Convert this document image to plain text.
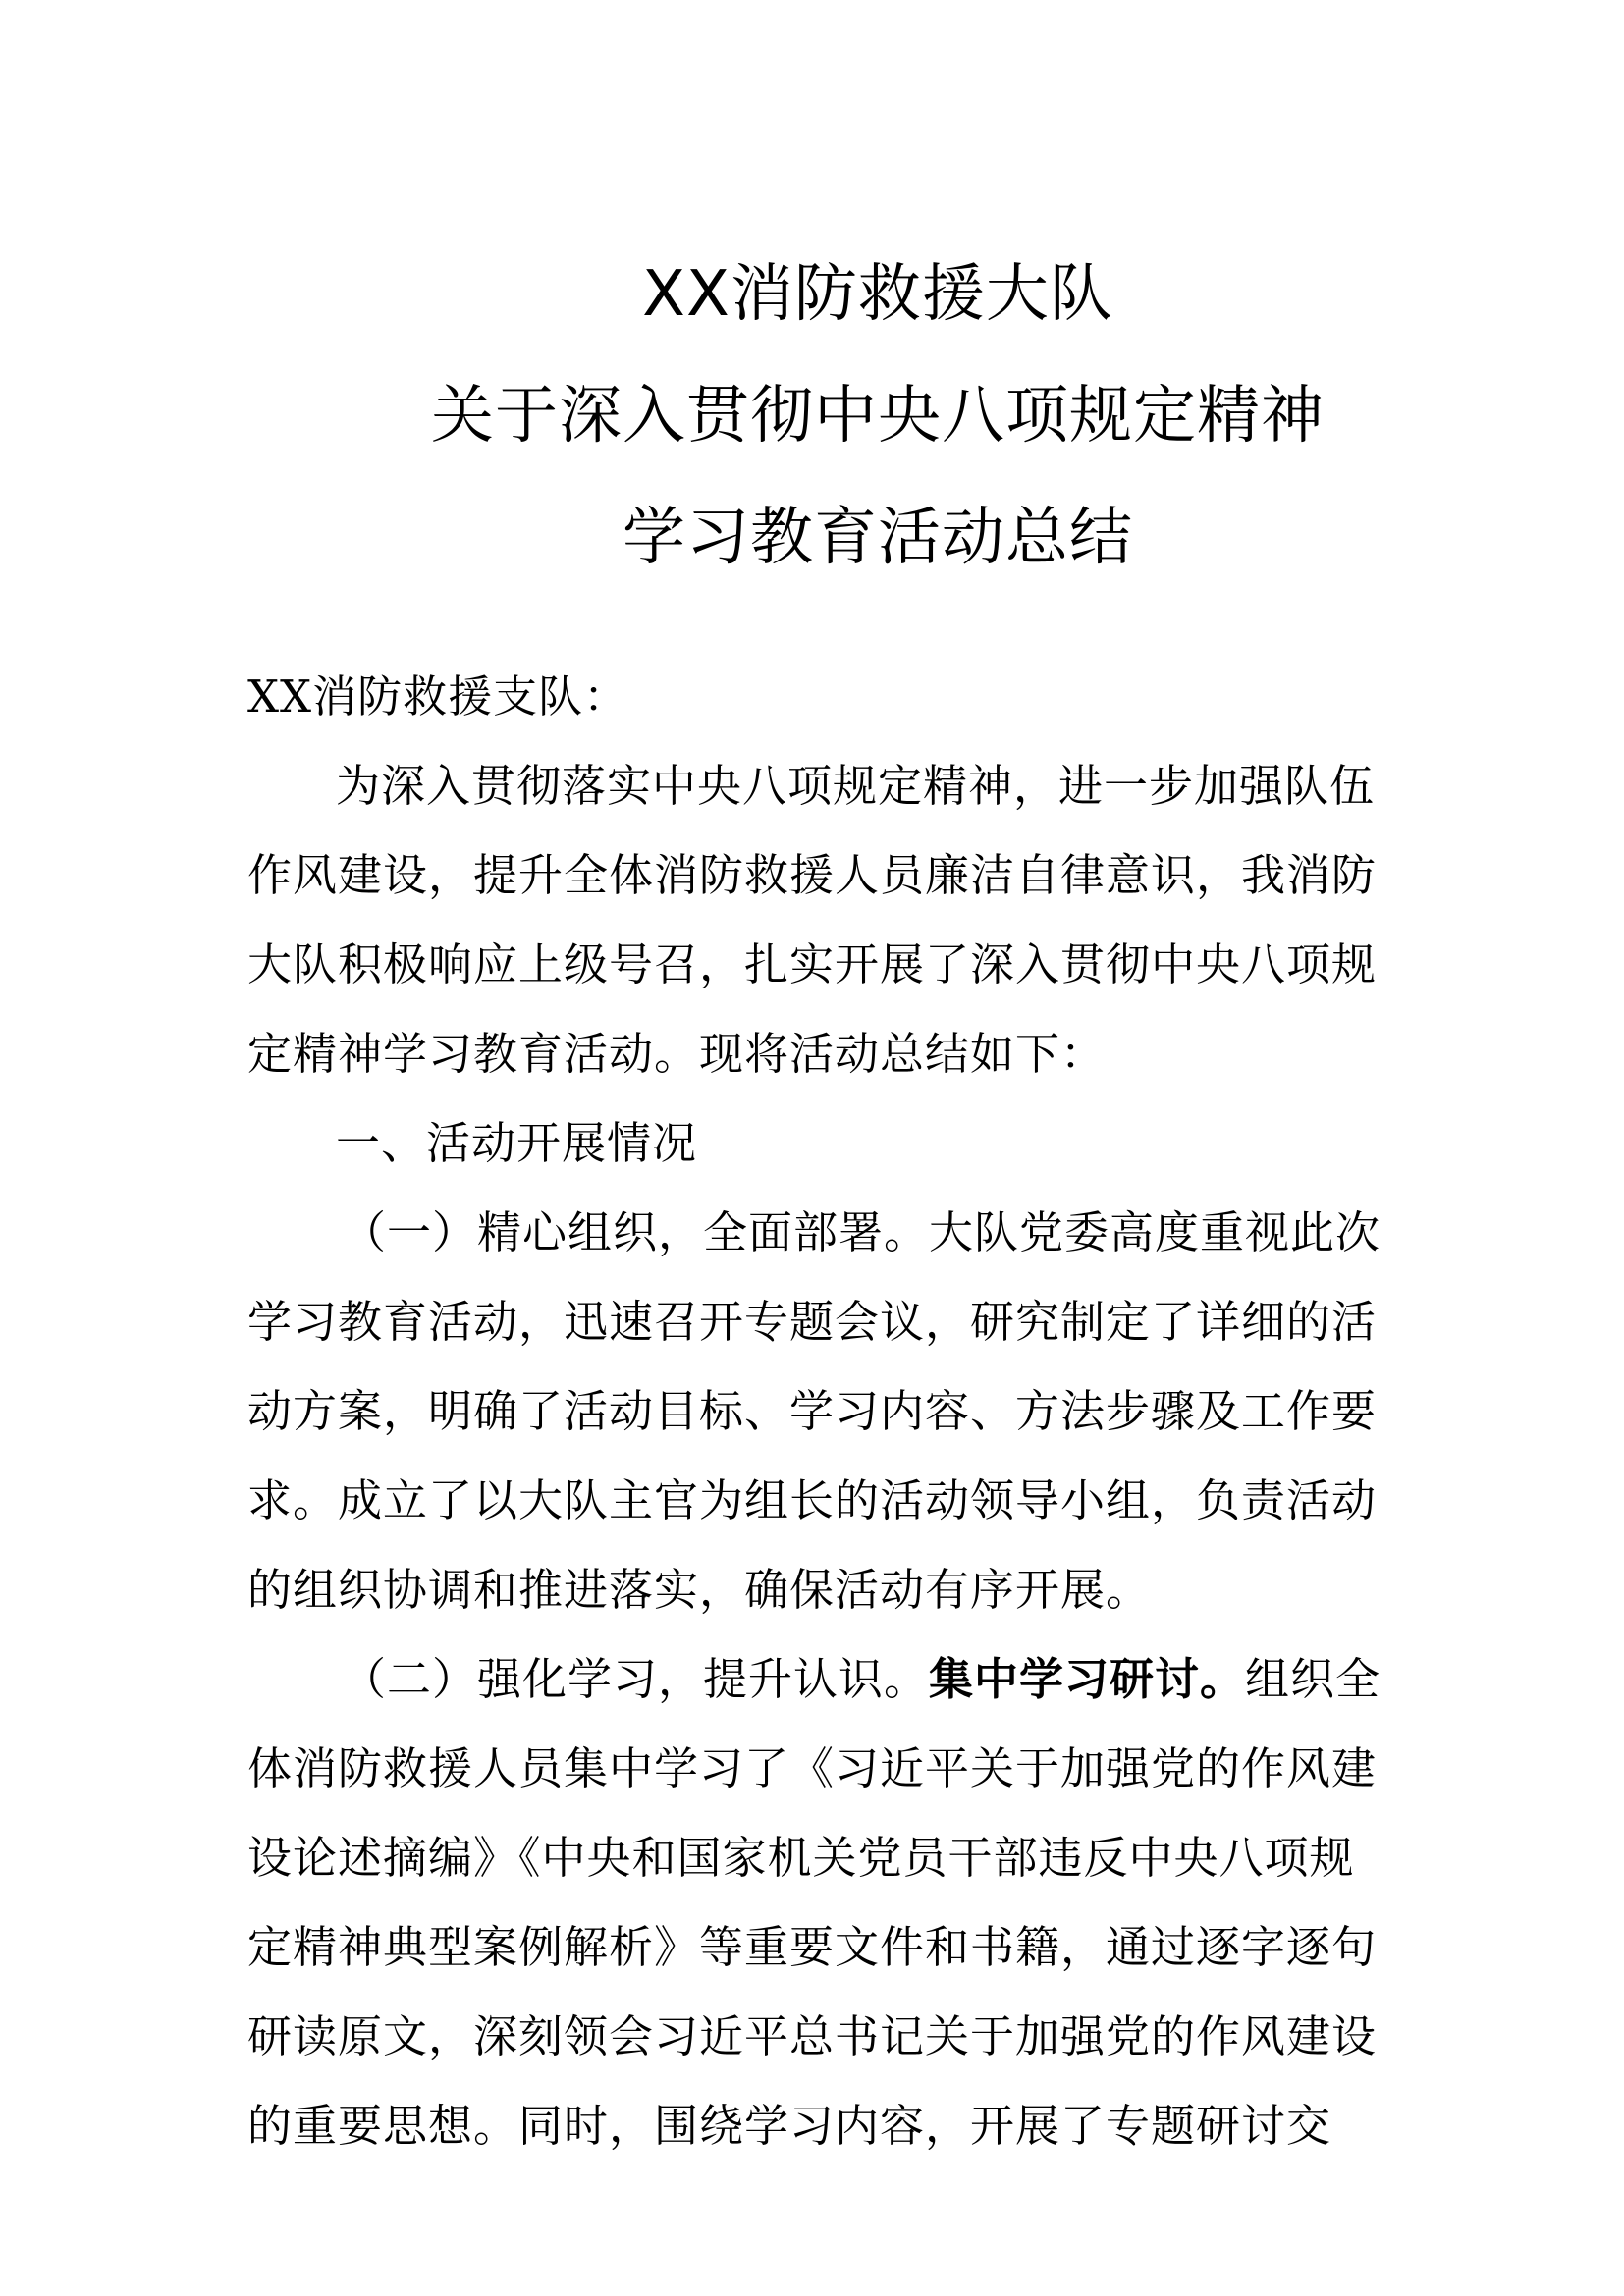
XX消防救援大队
关于深入贯彻中央八项规定精神
学习教育活动总结
XX消防救援支队：
为深入贯彻落实中央八项规定精神，进一步加强队伍
作风建设，提升全体消防救援人员廉洁自律意识，我消防
大队积极响应上级号召，扎实开展了深入贯彻中央八项规
定精神学习教育活动。现将活动总结如下：
一、活动开展情况
（一）精心组织，全面部署。大队党委高度重视此次
学习教育活动，迅速召开专题会议，研究制定了详细的活
动方案，明确了活动目标、学习内容、方法步骤及工作要
求。成立了以大队主官为组长的活动领导小组，负责活动
的组织协调和推进落实，确保活动有序开展。
（二）强化学习，提升认识。集中学习研讨。组织全
体消防救援人员集中学习了《习近平关于加强党的作风建
设论述摘编》《中央和国家机关党员干部违反中央八项规
定精神典型案例解析》等重要文件和书籍，通过逐字逐句
研读原文，深刻领会习近平总书记关于加强党的作风建设
的重要思想。同时，围绕学习内容，开展了专题研讨交
